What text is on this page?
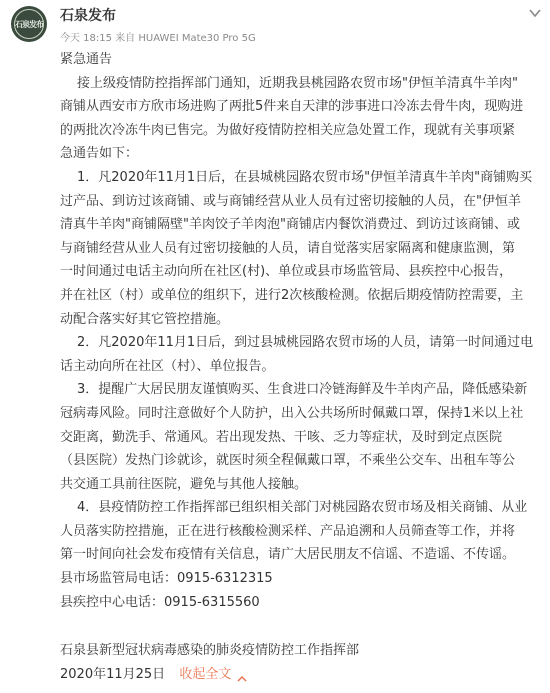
石泉发布 石泉发布
今天 18:15 来自 HUAWEI Mate30 Pro 5G
紧急通告
接上级疫情防控指挥部门通知，近期我县桃园路农贸市场"伊恒羊清真牛羊肉"
商铺从西安市方欣市场进购了两批5件来自天津的涉事进口冷冻去骨牛肉，现购进
的两批次冷冻牛肉已售完。为做好疫情防控相关应急处置工作，现就有关事项紧
急通告如下：
1．凡2020年11月1日后，在县城桃园路农贸市场"伊恒羊清真牛羊肉"商铺购买
过产品、到访过该商铺、或与商铺经营从业人员有过密切接触的人员，在"伊恒羊
清真牛羊肉"商铺隔壁"羊肉饺子羊肉泡"商铺店内餐饮消费过、到访过该商铺、或
与商铺经营从业人员有过密切接触的人员，请自觉落实居家隔离和健康监测，第
一时间通过电话主动向所在社区(村)、单位或县市场监管局、县疾控中心报告，
并在社区（村）或单位的组织下，进行2次核酸检测。依据后期疫情防控需要，主
动配合落实好其它管控措施。
2．凡2020年11月1日后，到过县城桃园路农贸市场的人员，请第一时间通过电
话主动向所在社区（村）、单位报告。
3．提醒广大居民朋友谨慎购买、生食进口冷链海鲜及牛羊肉产品，降低感染新
冠病毒风险。同时注意做好个人防护，出入公共场所时佩戴口罩，保持1米以上社
交距离，勤洗手、常通风。若出现发热、干咳、乏力等症状，及时到定点医院
（县医院）发热门诊就诊，就医时须全程佩戴口罩，不乘坐公交车、出租车等公
共交通工具前往医院，避免与其他人接触。
4．县疫情防控工作指挥部已组织相关部门对桃园路农贸市场及相关商铺、从业
人员落实防控措施，正在进行核酸检测采样、产品追溯和人员筛查等工作，并将
第一时间向社会发布疫情有关信息，请广大居民朋友不信谣、不造谣、不传谣。
县市场监管局电话：0915-6312315
县疾控中心电话：0915-6315560
石泉县新型冠状病毒感染的肺炎疫情防控工作指挥部
2020年11月25日 收起全文
